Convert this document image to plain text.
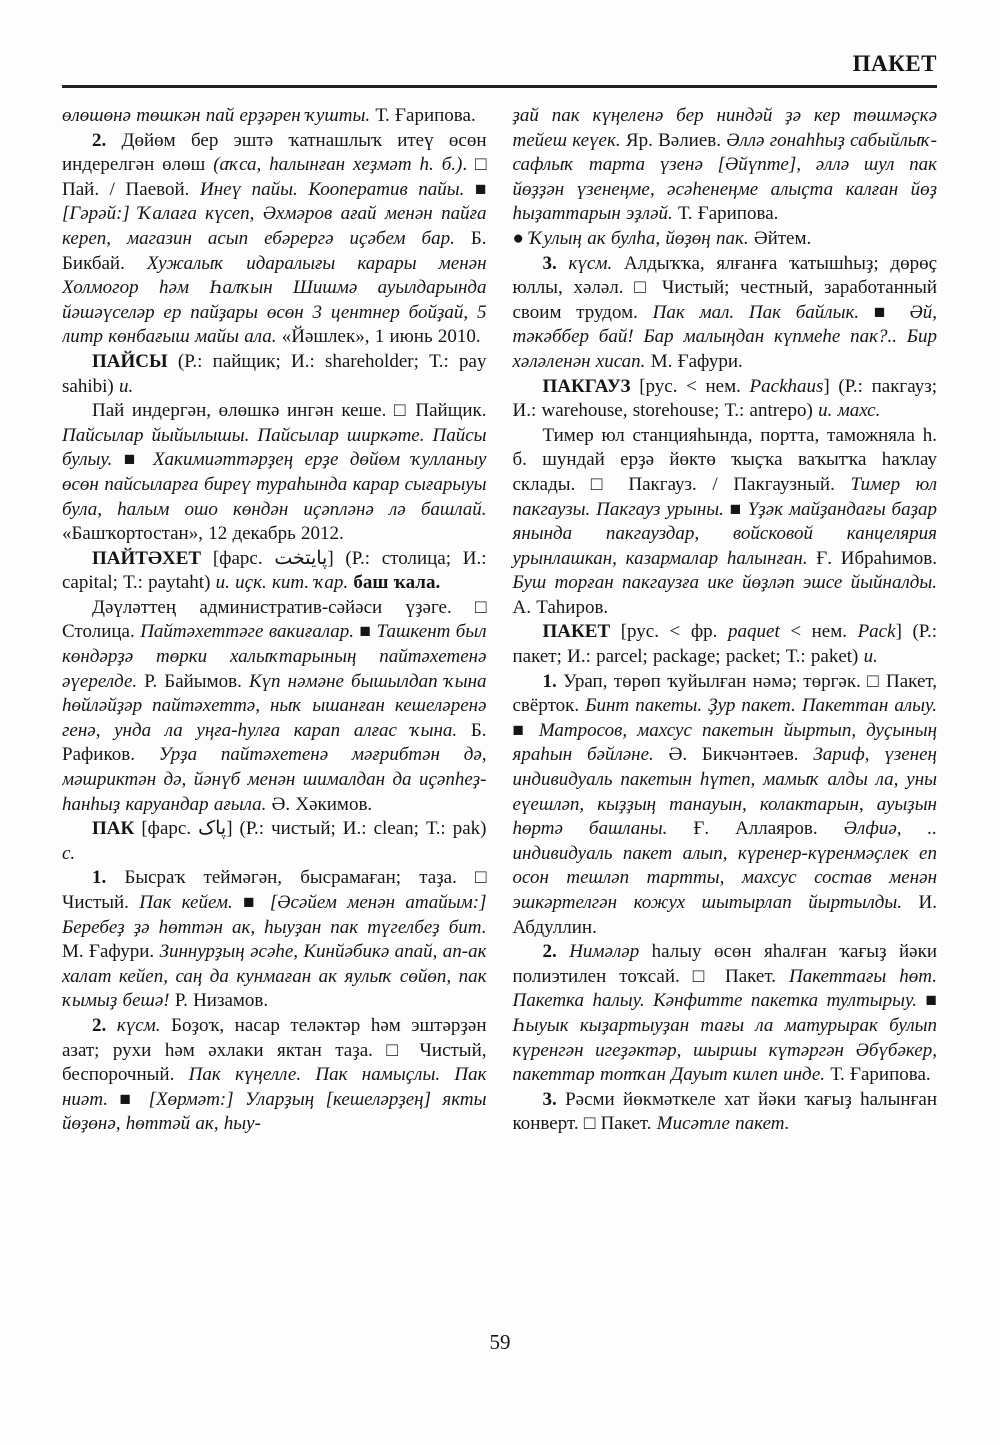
ПАКЕТ

өлөшөнә төшкән пай ерҙәрен ҡушты. Т. Ғарипова.

2. Дөйөм бер эштә ҡатнашлыҡ итеү өсөн индерелгән өлөш (аҡса, һалынған хеҙмәт һ. б.). □ Пай. / Паевой. Инеү пайы. Кооператив пайы. ■ [Гәрәй:] Ҡалаға күсеп, Әхмәров ағай менән пайға кереп, магазин асып ебәрергә иҫәбем бар. Б. Бикбай. Хужалыҡ идаралығы карары менән Холмогор һәм Һалҡын Шишмә ауылдарында йәшәүселәр ер пайҙары өсөн 3 центнер бойҙай, 5 литр көнбағыш майы ала. «Йәшлек», 1 июнь 2010.

ПАЙСЫ (Р.: пайщик; И.: shareholder; Т.: pay sahibi) и.

Пай индергән, өлөшкә ингән кеше. □ Пайщик. Пайсылар йыйылышы. Пайсылар ширкәте. Пайсы булыу. ■ Хакимиәттәрҙең ерҙе дөйөм ҡулланыу өсөн пайсыларға биреү тураһында карар сығарыуы була, һалым ошо көндән иҫәпләнә лә башлай. «Башҡортостан», 12 декабрь 2012.

ПАЙТӘХЕТ [фарс. پایتخت] (Р.: столица; И.: capital; Т.: paytaht) и. иҫк. кит. ҡар. баш ҡала.

Дәүләттең административ-сәйәси үҙәге. □ Столица. Пайтәхеттәге вакиғалар. ■ Ташкент был көндәрҙә төрки халыҡтарының пайтәхетенә әүерелде. Р. Байымов. Күп нәмәне бышылдап ҡына һөйләйҙәр пайтәхеттә, ныҡ ышанған кешеләренә генә, унда ла уңға-һулға карап алғас ҡына. Б. Рафиков. Урҙа пайтәхетенә мәғрибтән дә, мәшриктән дә, йәнүб менән шималдан да иҫәпһеҙ-һанһыҙ каруандар ағыла. Ә. Хәкимов.

ПАК [фарс. پاک] (Р.: чистый; И.: clean; Т.: pak) с.

1. Бысраҡ теймәгән, бысрамаған; таҙа. □ Чистый. Пак кейем. ■ [Әсәйем менән атайым:] Беребеҙ ҙә һөттән ак, һыуҙан пак түгелбеҙ бит. М. Ғафури. Зиннурҙың әсәһе, Кинйәбикә апай, ап-ак халат кейеп, саң да кунмаған ак яулыҡ сөйөп, пак ҡымыҙ бешә! Р. Низамов.

2. күсм. Боҙоҡ, насар теләктәр һәм эштәрҙән азат; рухи һәм әхлаки яктан таҙа. □ Чистый, беспорочный. Пак күңелле. Пак намыҫлы. Пак ниәт. ■ [Хөрмәт:] Уларҙың [кешеләрҙең] якты йөҙөнә, һөттәй ак, һыу-

ҙай пак күңеленә бер ниндәй ҙә кер төшмәҫкә тейеш кеүек. Яр. Вәлиев. Әллә гонаһһыҙ сабыйлыҡ-сафлыҡ тарта үзенә [Әйүпте], әллә шул пак йөҙҙән үзенеңме, әсәһенеңме алыҫта калған йөҙ һыҙаттарын эҙләй. Т. Ғарипова.

● Ҡулың ак булһа, йөҙөң пак. Әйтем.

3. күсм. Алдыҡҡа, ялғанға ҡатышһыҙ; дөрөҫ юллы, хәләл. □ Чистый; честный, заработанный своим трудом. Пак мал. Пак байлык. ■ Әй, тәкәббер бай! Бар малыңдан күпмеһе пак?.. Бир хәләленән хисап. М. Ғафури.

ПАКГАУЗ [рус. < нем. Packhaus] (Р.: пакгауз; И.: warehouse, storehouse; Т.: antrepo) и. махс.

Тимер юл станцияһында, портта, таможняла һ. б. шундай ерҙә йөктө ҡыҫҡа ваҡытҡа һаҡлау склады. □ Пакгауз. / Пакгаузный. Тимер юл пакгаузы. Пакгауз урыны. ■ Үҙәк майҙандағы баҙар янында пакгауздар, войсковой канцелярия урынлашкан, казармалар һалынған. Ғ. Ибраһимов. Буш торған пакгаузға ике йөҙләп эшсе йыйналды. А. Таһиров.

ПАКЕТ [рус. < фр. paquet < нем. Pack] (Р.: пакет; И.: parcel; package; packet; Т.: paket) и.

1. Урап, төрөп ҡуйылған нәмә; төргәк. □ Пакет, свёрток. Бинт пакеты. Ҙур пакет. Пакеттан алыу. ■ Матросов, махсус пакетын йыртып, дуҫының яраһын бәйләне. Ә. Бикчәнтәев. Зариф, үзенең индивидуаль пакетын һүтеп, мамыҡ алды ла, уны еүешләп, кыҙҙың танауын, колактарын, ауыҙын һөртә башланы. Ғ. Аллаяров. Әлфиә, .. индивидуаль пакет алып, күренер-күренмәҫлек еп осон тешләп тартты, махсус состав менән эшкәртелгән кожух шытырлап йыртылды. И. Абдуллин.

2. Нимәләр һалыу өсөн яһалған ҡағыҙ йәки полиэтилен тоҡсай. □ Пакет. Пакеттағы һөт. Пакетка һалыу. Кәнфитте пакетка тултырыу. ■ Һыуык кыҙартыуҙан тағы ла матурырак булып күренгән игеҙәктәр, шыршы күтәргән Әбүбәкер, пакеттар тотҡан Дауыт килеп инде. Т. Ғарипова.

3. Рәсми йөкмәткеле хат йәки ҡағыҙ һалынған конверт. □ Пакет. Мисәтле пакет.

59
